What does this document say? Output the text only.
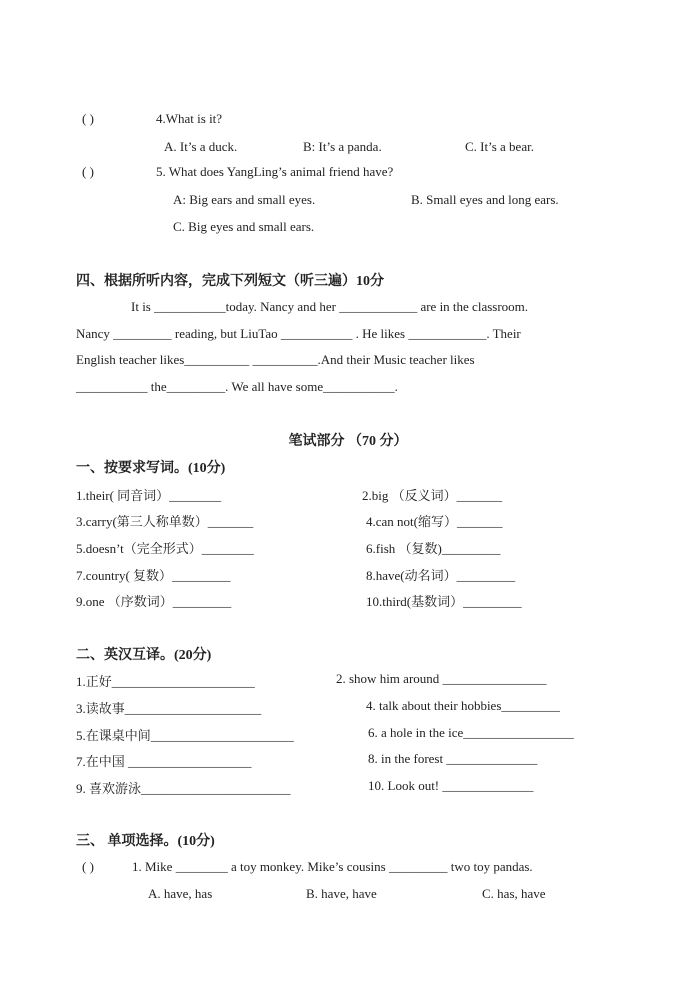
( )	4.What is it?
A. It’s a duck.	B: It’s a panda.	C. It’s a bear.
( )	5. What does YangLing’s animal friend have?
A: Big ears and small eyes.	B. Small eyes and long ears.
C. Big eyes and small ears.
四、根据所听内容，完成下列短文（听三遍）10分
It is ___________today. Nancy and her ____________ are in the classroom.
Nancy _________ reading, but LiuTao ___________ . He likes ____________. Their
English teacher likes__________ __________.And their Music teacher likes
___________ the_________. We all have some___________.
笔试部分 （70 分）
一、按要求写词。(10分)
1.their( 同音词）________	2.big （反义词）_______
3.carry(第三人称单数）_______	4.can not(缩写）_______
5.doesn’t（完全形式）________	6.fish （复数)_________
7.country( 复数）_________	8.have(动名词）_________
9.one （序数词）_________	10.third(基数词）_________
二、英汉互译。(20分)
1.正好______________________	2. show him around ________________
3.读故事_____________________	4. talk about their hobbies_________
5.在课桌中间______________________	6. a hole in the ice_________________
7.在中国 ___________________	8. in the forest ______________
9. 喜欢游泳_______________________	10. Look out! ______________
三、 单项选择。(10分)
( )	1. Mike ________ a toy monkey. Mike’s cousins _________ two toy pandas.
A. have, has	B. have, have	C. has, have
